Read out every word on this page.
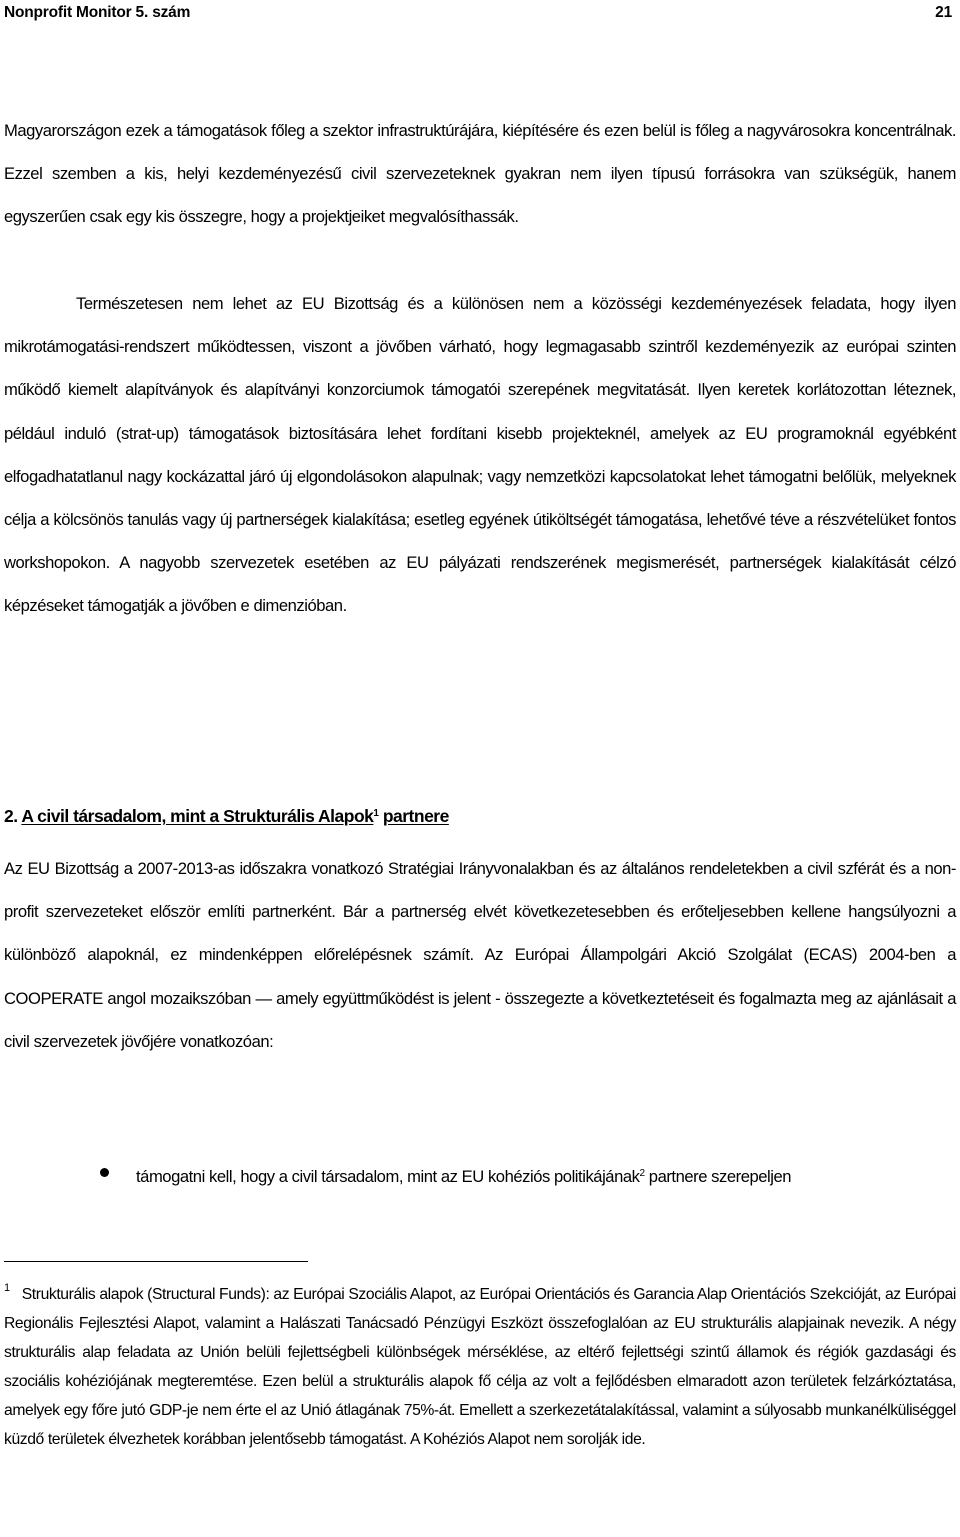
Nonprofit Monitor 5. szám	21

Magyarországon ezek a támogatások főleg a szektor infrastruktúrájára, kiépítésére és ezen belül is főleg a nagyvárosokra koncentrálnak. Ezzel szemben a kis, helyi kezdeményezésű civil szervezeteknek gyakran nem ilyen típusú forrásokra van szükségük, hanem egyszerűen csak egy kis összegre, hogy a projektjeiket megvalósíthassák.

Természetesen nem lehet az EU Bizottság és a különösen nem a közösségi kezdeményezések feladata, hogy ilyen mikrotámogatási-rendszert működtessen, viszont a jövőben várható, hogy legmagasabb szintről kezdeményezik az európai szinten működő kiemelt alapítványok és alapítványi konzorciumok támogatói szerepének megvitatását. Ilyen keretek korlátozottan léteznek, például induló (strat-up) támogatások biztosítására lehet fordítani kisebb projekteknél, amelyek az EU programoknál egyébként elfogadhatatlanul nagy kockázattal járó új elgondolásokon alapulnak; vagy nemzetközi kapcsolatokat lehet támogatni belőlük, melyeknek célja a kölcsönös tanulás vagy új partnerségek kialakítása; esetleg egyének útiköltségét támogatása, lehetővé téve a részvételüket fontos workshopokon. A nagyobb szervezetek esetében az EU pályázati rendszerének megismerését, partnerségek kialakítását célzó képzéseket támogatják a jövőben e dimenzióban.

2. A civil társadalom, mint a Strukturális Alapok$^1$ partnere

Az EU Bizottság a 2007-2013-as időszakra vonatkozó Stratégiai Irányvonalakban és az általános rendeletekben a civil szférát és a non-profit szervezeteket először említi partnerként. Bár a partnerség elvét következetesebben és erőteljesebben kellene hangsúlyozni a különböző alapoknál, ez mindenképpen előrelépésnek számít. Az Európai Állampolgári Akció Szolgálat (ECAS) 2004-ben a COOPERATE angol mozaikszóban ― amely együttműködést is jelent - összegezte a következtetéseit és fogalmazta meg az ajánlásait a civil szervezetek jövőjére vonatkozóan:

támogatni kell, hogy a civil társadalom, mint az EU kohéziós politikájának$^2$ partnere szerepeljen

$^1$ Strukturális alapok (Structural Funds): az Európai Szociális Alapot, az Európai Orientációs és Garancia Alap Orientációs Szekcióját, az Európai Regionális Fejlesztési Alapot, valamint a Halászati Tanácsadó Pénzügyi Eszközt összefoglalóan az EU strukturális alapjainak nevezik. A négy strukturális alap feladata az Unión belüli fejlettségbeli különbségek mérséklése, az eltérő fejlettségi szintű államok és régiók gazdasági és szociális kohéziójának megteremtése. Ezen belül a strukturális alapok fő célja az volt a fejlődésben elmaradott azon területek felzárkóztatása, amelyek egy főre jutó GDP-je nem érte el az Unió átlagának 75%-át. Emellett a szerkezetátalakítással, valamint a súlyosabb munkanélküliséggel küzdő területek élvezhetek korábban jelentősebb támogatást. A Kohéziós Alapot nem sorolják ide.
